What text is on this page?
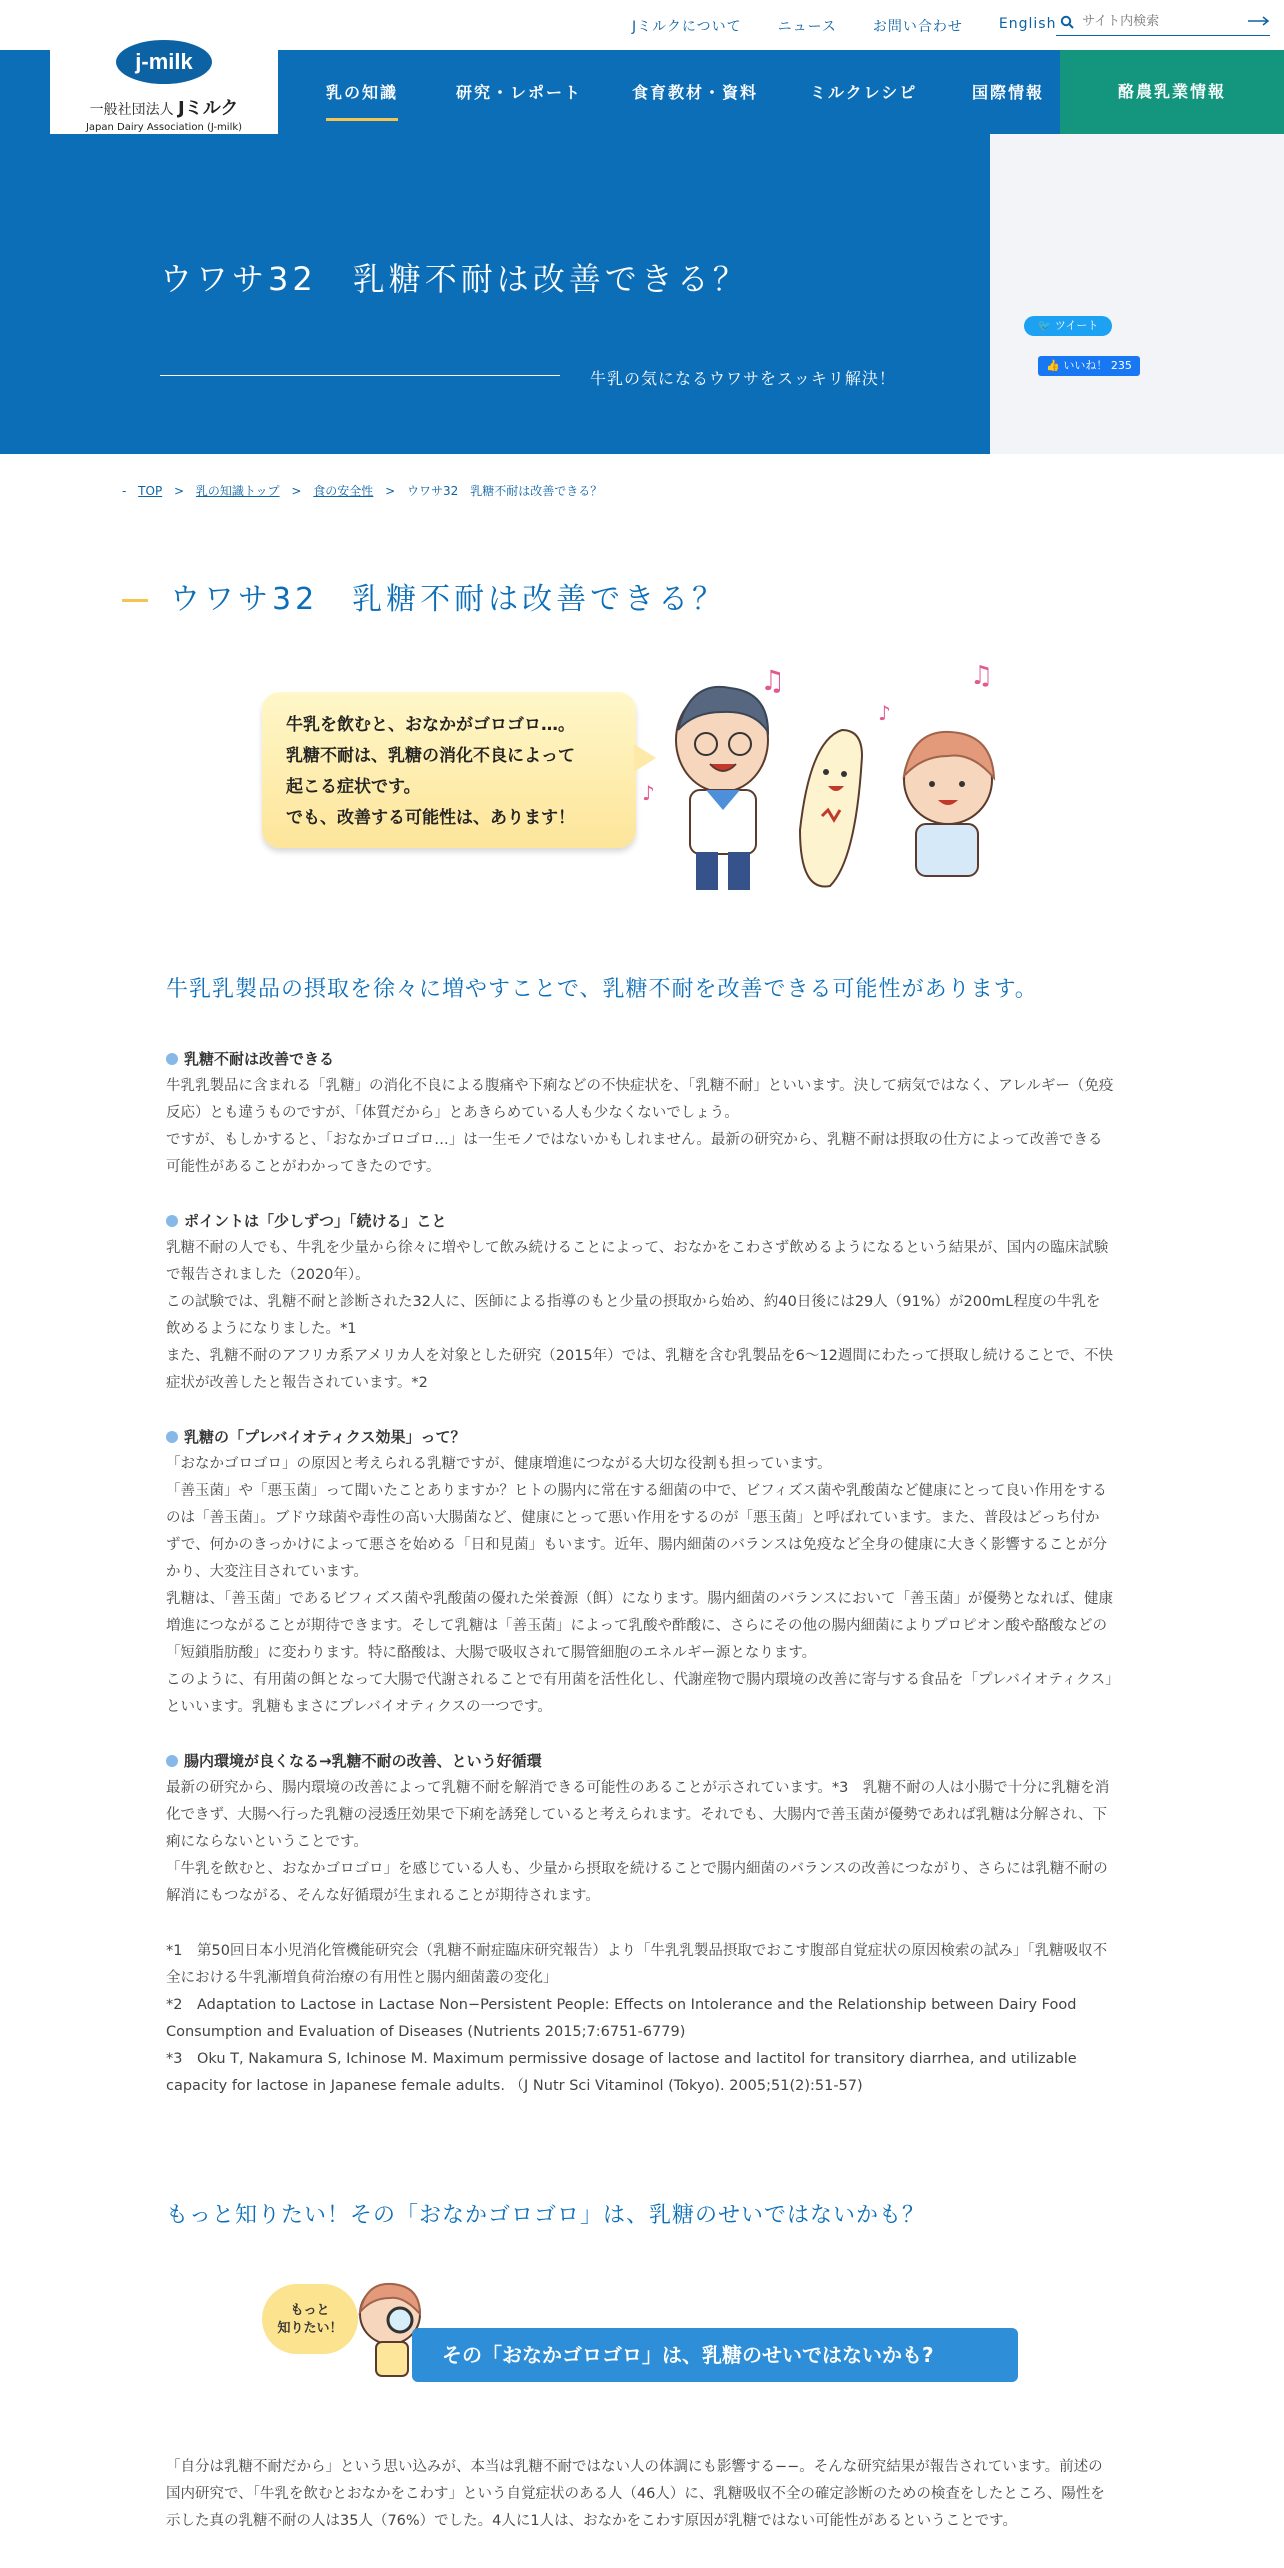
Jミルクについて	ニュース	お問い合わせ	English
サイト内検索
乳の知識	研究・レポート	食育教材・資料	ミルクレシピ	国際情報	酪農乳業情報
j-milk
一般社団法人 Jミルク
Japan Dairy Association (J-milk)
ウワサ32　乳糖不耐は改善できる？
牛乳の気になるウワサをスッキリ解決！
🐦 ツイート
👍 いいね！ 235
- TOP > 乳の知識トップ > 食の安全性 > ウワサ32　乳糖不耐は改善できる？
ウワサ32　乳糖不耐は改善できる？

牛乳を飲むと、おなかがゴロゴロ…。

乳糖不耐は、乳糖の消化不良によって

起こる症状です。

でも、改善する可能性は、あります！

♫
♪
♪
♫
牛乳乳製品の摂取を徐々に増やすことで、乳糖不耐を改善できる可能性があります。
乳糖不耐は改善できる

牛乳乳製品に含まれる「乳糖」の消化不良による腹痛や下痢などの不快症状を、「乳糖不耐」といいます。決して病気ではなく、アレルギー（免疫反応）とも違うものですが、「体質だから」とあきらめている人も少なくないでしょう。

ですが、もしかすると、「おなかゴロゴロ…」は一生モノではないかもしれません。最新の研究から、乳糖不耐は摂取の仕方によって改善できる可能性があることがわかってきたのです。

ポイントは「少しずつ」「続ける」こと

乳糖不耐の人でも、牛乳を少量から徐々に増やして飲み続けることによって、おなかをこわさず飲めるようになるという結果が、国内の臨床試験で報告されました（2020年）。

この試験では、乳糖不耐と診断された32人に、医師による指導のもと少量の摂取から始め、約40日後には29人（91%）が200mL程度の牛乳を飲めるようになりました。*1

また、乳糖不耐のアフリカ系アメリカ人を対象とした研究（2015年）では、乳糖を含む乳製品を6〜12週間にわたって摂取し続けることで、不快症状が改善したと報告されています。*2

乳糖の「プレバイオティクス効果」って？

「おなかゴロゴロ」の原因と考えられる乳糖ですが、健康増進につながる大切な役割も担っています。

「善玉菌」や「悪玉菌」って聞いたことありますか？ヒトの腸内に常在する細菌の中で、ビフィズス菌や乳酸菌など健康にとって良い作用をするのは「善玉菌」。ブドウ球菌や毒性の高い大腸菌など、健康にとって悪い作用をするのが「悪玉菌」と呼ばれています。また、普段はどっち付かずで、何かのきっかけによって悪さを始める「日和見菌」もいます。近年、腸内細菌のバランスは免疫など全身の健康に大きく影響することが分かり、大変注目されています。

乳糖は、「善玉菌」であるビフィズス菌や乳酸菌の優れた栄養源（餌）になります。腸内細菌のバランスにおいて「善玉菌」が優勢となれば、健康増進につながることが期待できます。そして乳糖は「善玉菌」によって乳酸や酢酸に、さらにその他の腸内細菌によりプロピオン酸や酪酸などの「短鎖脂肪酸」に変わります。特に酪酸は、大腸で吸収されて腸管細胞のエネルギー源となります。

このように、有用菌の餌となって大腸で代謝されることで有用菌を活性化し、代謝産物で腸内環境の改善に寄与する食品を「プレバイオティクス」といいます。乳糖もまさにプレバイオティクスの一つです。

腸内環境が良くなる→乳糖不耐の改善、という好循環

最新の研究から、腸内環境の改善によって乳糖不耐を解消できる可能性のあることが示されています。*3　乳糖不耐の人は小腸で十分に乳糖を消化できず、大腸へ行った乳糖の浸透圧効果で下痢を誘発していると考えられます。それでも、大腸内で善玉菌が優勢であれば乳糖は分解され、下痢にならないということです。

「牛乳を飲むと、おなかゴロゴロ」を感じている人も、少量から摂取を続けることで腸内細菌のバランスの改善につながり、さらには乳糖不耐の解消にもつながる、そんな好循環が生まれることが期待されます。

*1　第50回日本小児消化管機能研究会（乳糖不耐症臨床研究報告）より「牛乳乳製品摂取でおこす腹部自覚症状の原因検索の試み」「乳糖吸収不全における牛乳漸増負荷治療の有用性と腸内細菌叢の変化」

*2　Adaptation to Lactose in Lactase Non−Persistent People: Effects on Intolerance and the Relationship between Dairy Food Consumption and Evaluation of Diseases (Nutrients 2015;7:6751-6779)

*3　Oku T, Nakamura S, Ichinose M. Maximum permissive dosage of lactose and lactitol for transitory diarrhea, and utilizable capacity for lactose in Japanese female adults. （J Nutr Sci Vitaminol (Tokyo). 2005;51(2):51-57)

もっと知りたい！その「おなかゴロゴロ」は、乳糖のせいではないかも？
もっと
知りたい！
その「おなかゴロゴロ」は、乳糖のせいではないかも?
「自分は乳糖不耐だから」という思い込みが、本当は乳糖不耐ではない人の体調にも影響する−−。そんな研究結果が報告されています。前述の国内研究で、「牛乳を飲むとおなかをこわす」という自覚症状のある人（46人）に、乳糖吸収不全の確定診断のための検査をしたところ、陽性を示した真の乳糖不耐の人は35人（76%）でした。4人に1人は、おなかをこわす原因が乳糖ではない可能性があるということです。
